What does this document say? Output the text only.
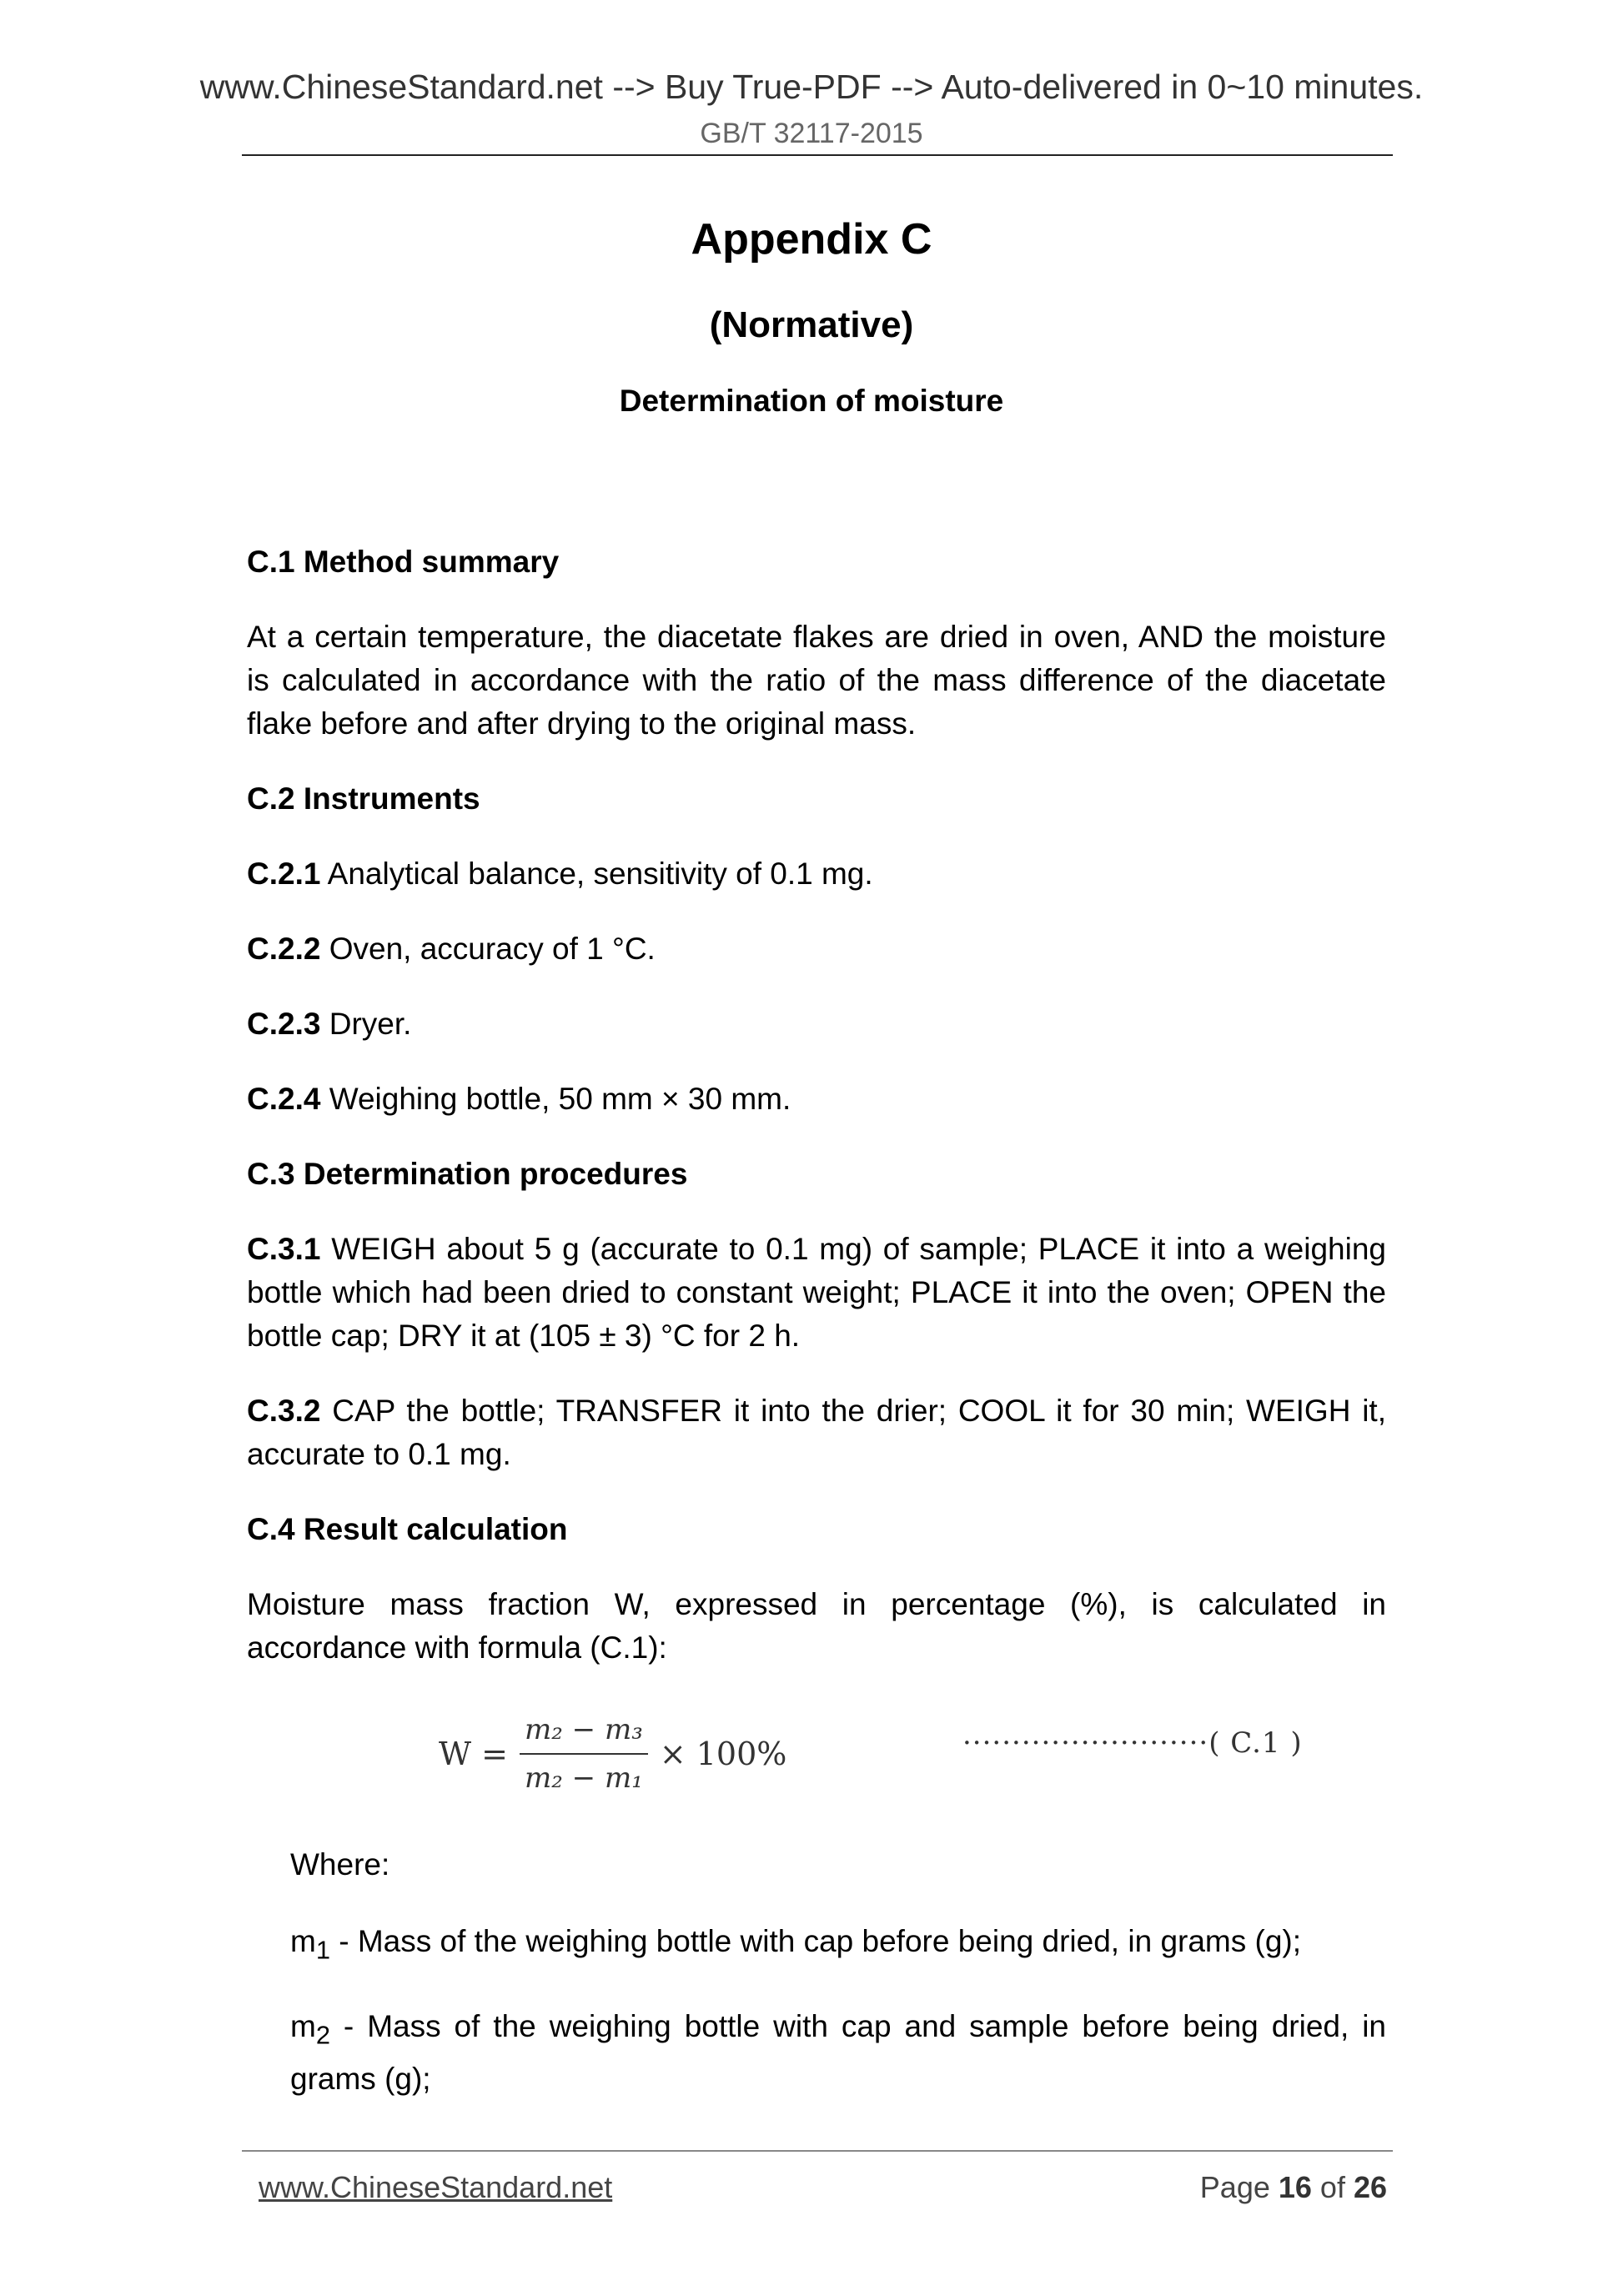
www.ChineseStandard.net --> Buy True-PDF --> Auto-delivered in 0~10 minutes.
GB/T 32117-2015
Appendix C
(Normative)
Determination of moisture
C.1 Method summary

At a certain temperature, the diacetate flakes are dried in oven, AND the moisture is calculated in accordance with the ratio of the mass difference of the diacetate flake before and after drying to the original mass.

C.2 Instruments

C.2.1 Analytical balance, sensitivity of 0.1 mg.

C.2.2 Oven, accuracy of 1 °C.

C.2.3 Dryer.

C.2.4 Weighing bottle, 50 mm × 30 mm.

C.3 Determination procedures

C.3.1 WEIGH about 5 g (accurate to 0.1 mg) of sample; PLACE it into a weighing bottle which had been dried to constant weight; PLACE it into the oven; OPEN the bottle cap; DRY it at (105 ± 3) °C for 2 h.

C.3.2 CAP the bottle; TRANSFER it into the drier; COOL it for 30 min; WEIGH it, accurate to 0.1 mg.

C.4 Result calculation

Moisture mass fraction W, expressed in percentage (%), is calculated in accordance with formula (C.1):

$W = \frac{\text{m₂ − m₃}}{\text{m₂ − m₁}} \times 100\%$	·························( C.1 )

Where:

$m_1$ - Mass of the weighing bottle with cap before being dried, in grams (g);

$m_2$ - Mass of the weighing bottle with cap and sample before being dried, in grams (g);

www.ChineseStandard.net	Page 16 of 26
